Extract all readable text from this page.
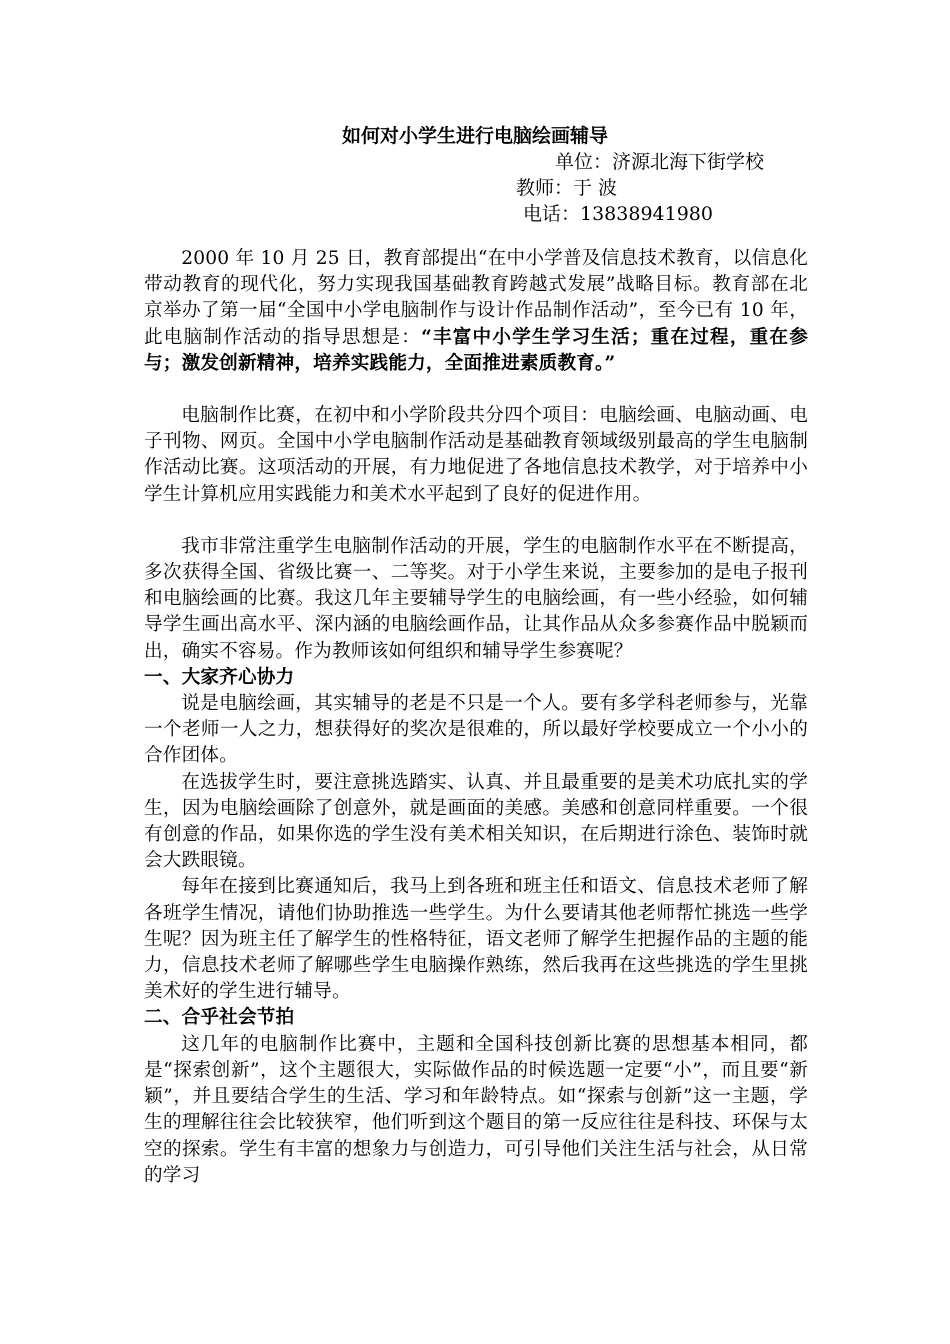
如何对小学生进行电脑绘画辅导
单位：济源北海下街学校
教师：于 波
电话：13838941980

2000 年 10 月 25 日，教育部提出“在中小学普及信息技术教育，以信息化带动教育的现代化，努力实现我国基础教育跨越式发展”战略目标。教育部在北京举办了第一届“全国中小学电脑制作与设计作品制作活动”，至今已有 10 年，此电脑制作活动的指导思想是：“丰富中小学生学习生活；重在过程，重在参与；激发创新精神，培养实践能力，全面推进素质教育。”

电脑制作比赛，在初中和小学阶段共分四个项目：电脑绘画、电脑动画、电子刊物、网页。全国中小学电脑制作活动是基础教育领域级别最高的学生电脑制作活动比赛。这项活动的开展，有力地促进了各地信息技术教学，对于培养中小学生计算机应用实践能力和美术水平起到了良好的促进作用。

我市非常注重学生电脑制作活动的开展，学生的电脑制作水平在不断提高，多次获得全国、省级比赛一、二等奖。对于小学生来说，主要参加的是电子报刊和电脑绘画的比赛。我这几年主要辅导学生的电脑绘画，有一些小经验，如何辅导学生画出高水平、深内涵的电脑绘画作品，让其作品从众多参赛作品中脱颖而出，确实不容易。作为教师该如何组织和辅导学生参赛呢？

一、大家齐心协力

说是电脑绘画，其实辅导的老是不只是一个人。要有多学科老师参与，光靠一个老师一人之力，想获得好的奖次是很难的，所以最好学校要成立一个小小的合作团体。

在选拔学生时，要注意挑选踏实、认真、并且最重要的是美术功底扎实的学生，因为电脑绘画除了创意外，就是画面的美感。美感和创意同样重要。一个很有创意的作品，如果你选的学生没有美术相关知识，在后期进行涂色、装饰时就会大跌眼镜。

每年在接到比赛通知后，我马上到各班和班主任和语文、信息技术老师了解各班学生情况，请他们协助推选一些学生。为什么要请其他老师帮忙挑选一些学生呢？因为班主任了解学生的性格特征，语文老师了解学生把握作品的主题的能力，信息技术老师了解哪些学生电脑操作熟练，然后我再在这些挑选的学生里挑美术好的学生进行辅导。

二、合乎社会节拍

这几年的电脑制作比赛中，主题和全国科技创新比赛的思想基本相同，都是“探索创新”，这个主题很大，实际做作品的时候选题一定要“小”，而且要“新颖”，并且要结合学生的生活、学习和年龄特点。如“探索与创新”这一主题，学生的理解往往会比较狭窄，他们听到这个题目的第一反应往往是科技、环保与太空的探索。学生有丰富的想象力与创造力，可引导他们关注生活与社会，从日常的学习
